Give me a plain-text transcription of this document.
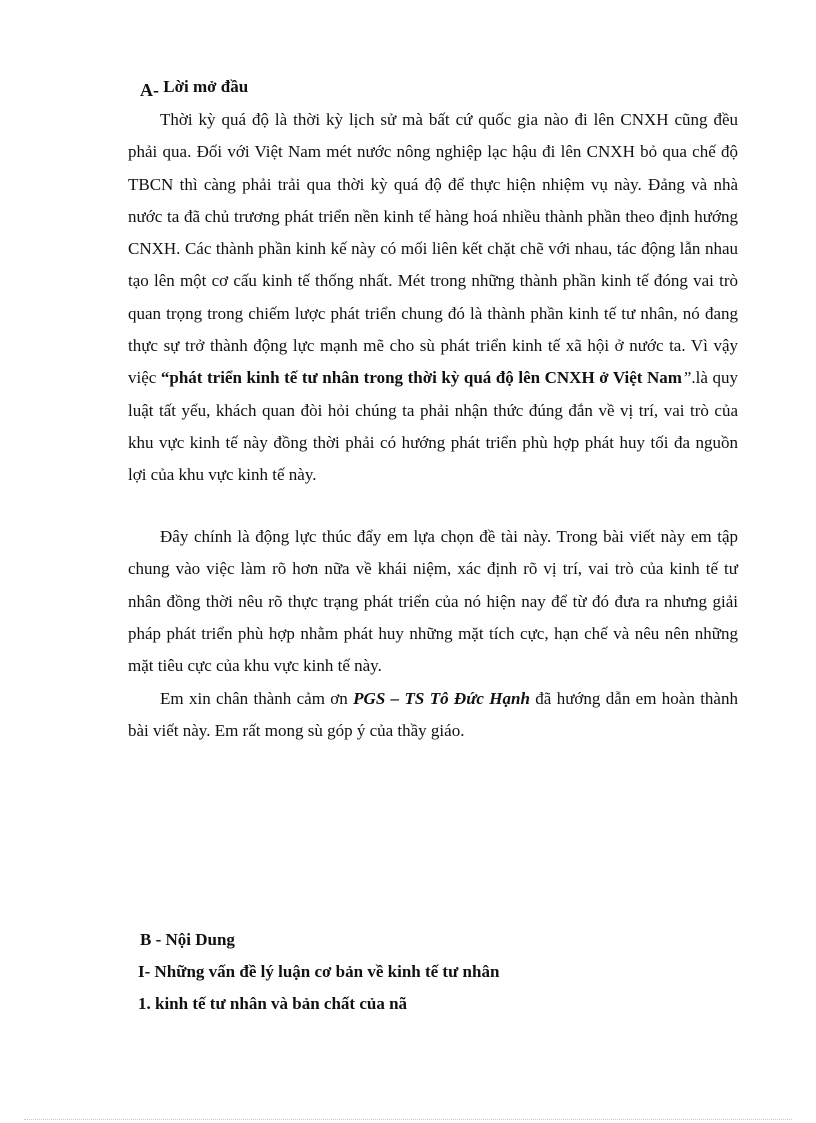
A- Lời mở đầu

Thời kỳ quá độ là thời kỳ lịch sử mà bất cứ quốc gia nào đi lên CNXH cũng đều phải qua. Đối với Việt Nam mét nước nông nghiệp lạc hậu đi lên CNXH bỏ qua chế độ TBCN thì càng phải trải qua thời kỳ quá độ để thực hiện nhiệm vụ này. Đảng và nhà nước ta đã chủ trương phát triển nền kinh tế hàng hoá nhiều thành phần theo định hướng CNXH. Các thành phần kinh kế này có mối liên kết chặt chẽ với nhau, tác động lẫn nhau tạo lên một cơ cấu kinh tế thống nhất. Mét trong những thành phần kinh tế đóng vai trò quan trọng trong chiếm lược phát triển chung đó là thành phần kinh tế tư nhân, nó đang thực sự trở thành động lực mạnh mẽ cho sù phát triển kinh tế xã hội ở nước ta. Vì vậy việc “phát triển kinh tế tư nhân trong thời kỳ quá độ lên CNXH ở Việt Nam”.là quy luật tất yếu, khách quan đòi hỏi chúng ta phải nhận thức đúng đắn về vị trí, vai trò của khu vực kinh tế này đồng thời phải có hướng phát triển phù hợp phát huy tối đa nguồn lợi của khu vực kinh tế này.

Đây chính là động lực thúc đẩy em lựa chọn đề tài này. Trong bài viết này em tập chung vào việc làm rõ hơn nữa về khái niệm, xác định rõ vị trí, vai trò của kinh tế tư nhân đồng thời nêu rõ thực trạng phát triển của nó hiện nay để từ đó đưa ra nhưng giải pháp phát triển phù hợp nhằm phát huy những mặt tích cực, hạn chế và nêu nên những mặt tiêu cực của khu vực kinh tế này.

Em xin chân thành cảm ơn PGS – TS Tô Đức Hạnh đã hướng dẫn em hoàn thành bài viết này. Em rất mong sù góp ý của thầy giáo.

B - Nội Dung
I- Những vấn đề lý luận cơ bản về kinh tế tư nhân
1. kinh tế tư nhân và bản chất của nã
